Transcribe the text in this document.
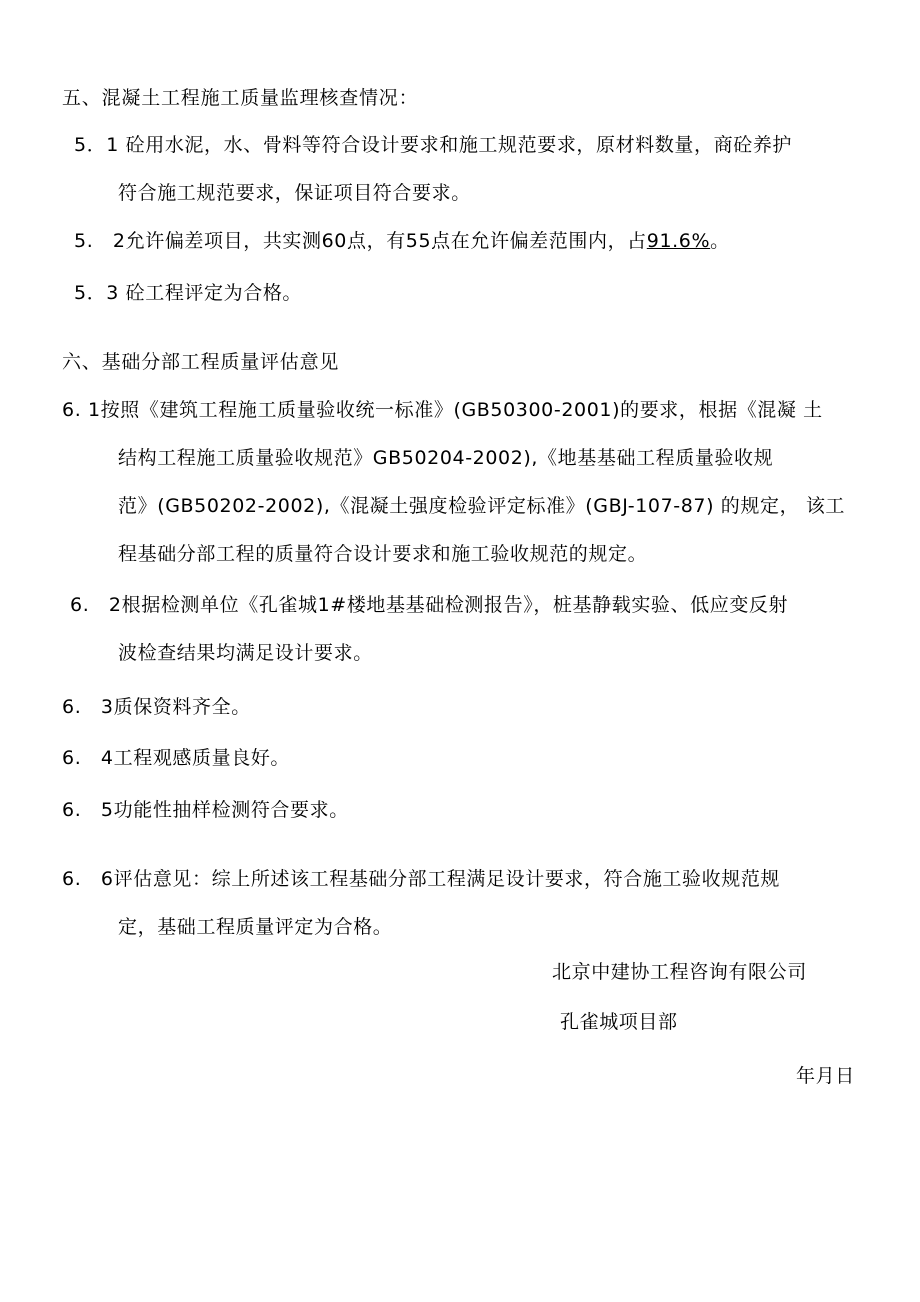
五、混凝土工程施工质量监理核查情况：
5．1 砼用水泥，水、骨料等符合设计要求和施工规范要求，原材料数量，商砼养护
符合施工规范要求，保证项目符合要求。
5.　2允许偏差项目，共实测60点，有55点在允许偏差范围内，占91.6%。
5．3 砼工程评定为合格。
六、基础分部工程质量评估意见
6. 1按照《建筑工程施工质量验收统一标准》(GB50300-2001)的要求，根据《混凝 土
结构工程施工质量验收规范》GB50204-2002),《地基基础工程质量验收规
范》(GB50202-2002),《混凝土强度检验评定标准》(GBJ-107-87) 的规定， 该工
程基础分部工程的质量符合设计要求和施工验收规范的规定。
6.　2根据检测单位《孔雀城1#楼地基基础检测报告》，桩基静载实验、低应变反射
波检查结果均满足设计要求。
6.　3质保资料齐全。
6.　4工程观感质量良好。
6.　5功能性抽样检测符合要求。
6.　6评估意见：综上所述该工程基础分部工程满足设计要求，符合施工验收规范规
定，基础工程质量评定为合格。
北京中建协工程咨询有限公司
孔雀城项目部
年月日
